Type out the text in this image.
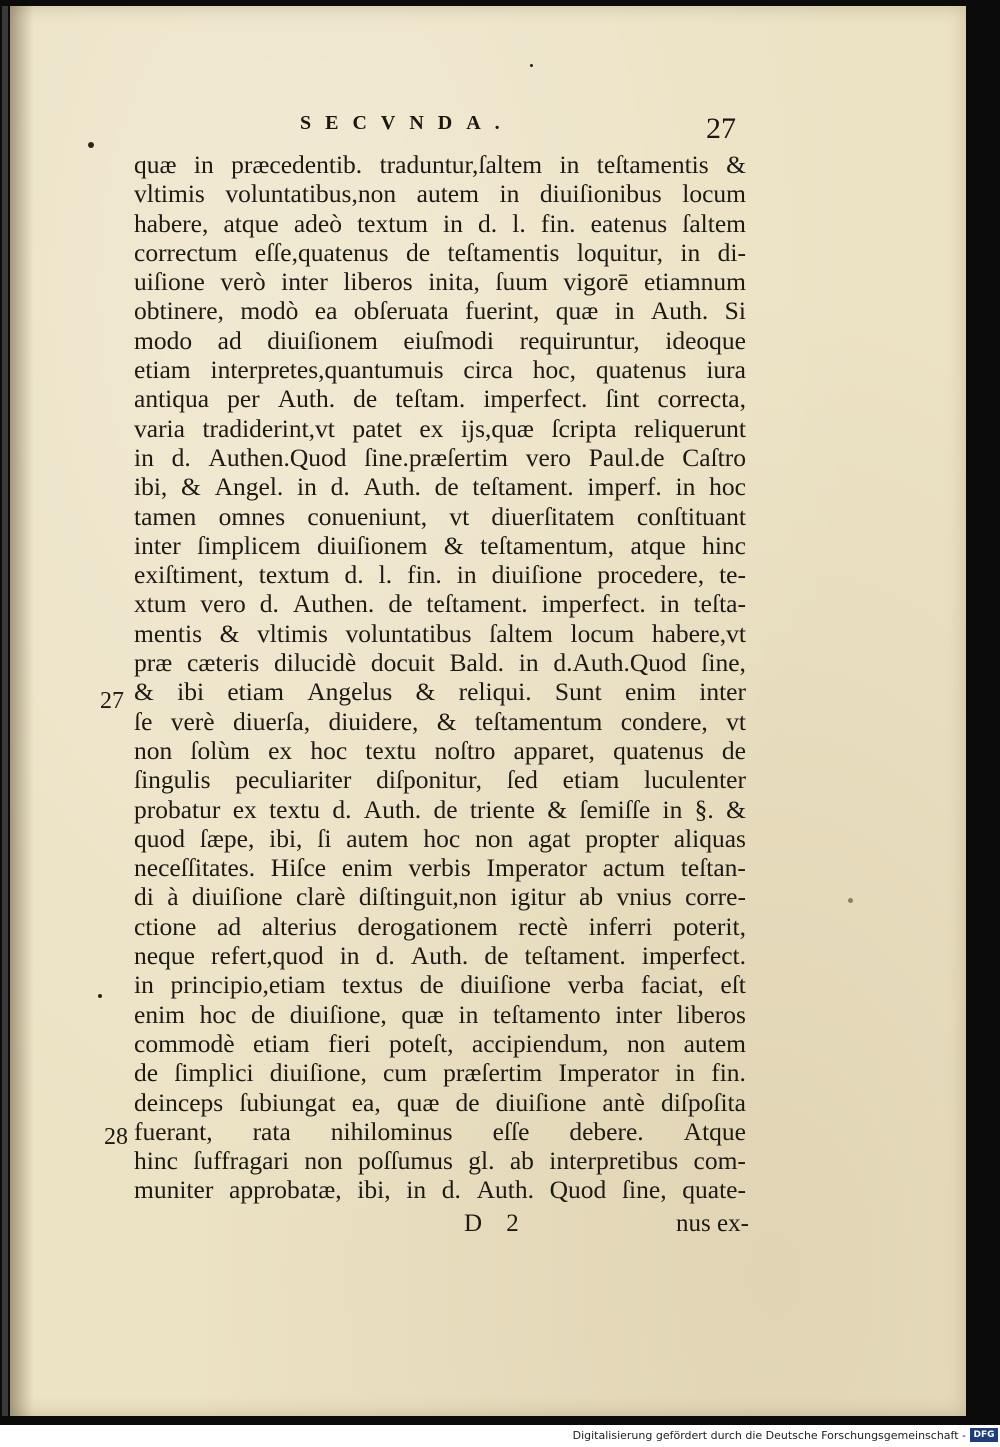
SECVNDA.	27
quæ in præcedentib. traduntur,ſaltem in teſtamentis &
vltimis voluntatibus,non autem in diuiſionibus locum
habere, atque adeò textum in d. l. fin. eatenus ſaltem
correctum eſſe,quatenus de teſtamentis loquitur, in di-
uiſione verò inter liberos inita, ſuum vigorē etiamnum
obtinere, modò ea obſeruata fuerint, quæ in Auth. Si
modo ad diuiſionem eiuſmodi requiruntur, ideoque
etiam interpretes,quantumuis circa hoc, quatenus iura
antiqua per Auth. de teſtam. imperfect. ſint correcta,
varia tradiderint,vt patet ex ijs,quæ ſcripta reliquerunt
in d. Authen.Quod ſine.præſertim vero Paul.de Caſtro
ibi, & Angel. in d. Auth. de teſtament. imperf. in hoc
tamen omnes conueniunt, vt diuerſitatem conſtituant
inter ſimplicem diuiſionem & teſtamentum, atque hinc
exiſtiment, textum d. l. fin. in diuiſione procedere, te-
xtum vero d. Authen. de teſtament. imperfect. in teſta-
mentis & vltimis voluntatibus ſaltem locum habere,vt
præ cæteris dilucidè docuit Bald. in d.Auth.Quod ſine,
& ibi etiam Angelus & reliqui. Sunt enim inter
ſe verè diuerſa, diuidere, & teſtamentum condere, vt
non ſolùm ex hoc textu noſtro apparet, quatenus de
ſingulis peculiariter diſponitur, ſed etiam luculenter
probatur ex textu d. Auth. de triente & ſemiſſe in §. &
quod ſæpe, ibi, ſi autem hoc non agat propter aliquas
neceſſitates. Hiſce enim verbis Imperator actum teſtan-
di à diuiſione clarè diſtinguit,non igitur ab vnius corre-
ctione ad alterius derogationem rectè inferri poterit,
neque refert,quod in d. Auth. de teſtament. imperfect.
in principio,etiam textus de diuiſione verba faciat, eſt
enim hoc de diuiſione, quæ in teſtamento inter liberos
commodè etiam fieri poteſt, accipiendum, non autem
de ſimplici diuiſione, cum præſertim Imperator in fin.
deinceps ſubiungat ea, quæ de diuiſione antè diſpoſita
fuerant, rata nihilominus eſſe debere. Atque
hinc ſuffragari non poſſumus gl. ab interpretibus com-
muniter approbatæ, ibi, in d. Auth. Quod ſine, quate-
27
28
D 2	nus ex-
Digitalisierung gefördert durch die Deutsche Forschungsgemeinschaft - DFG
